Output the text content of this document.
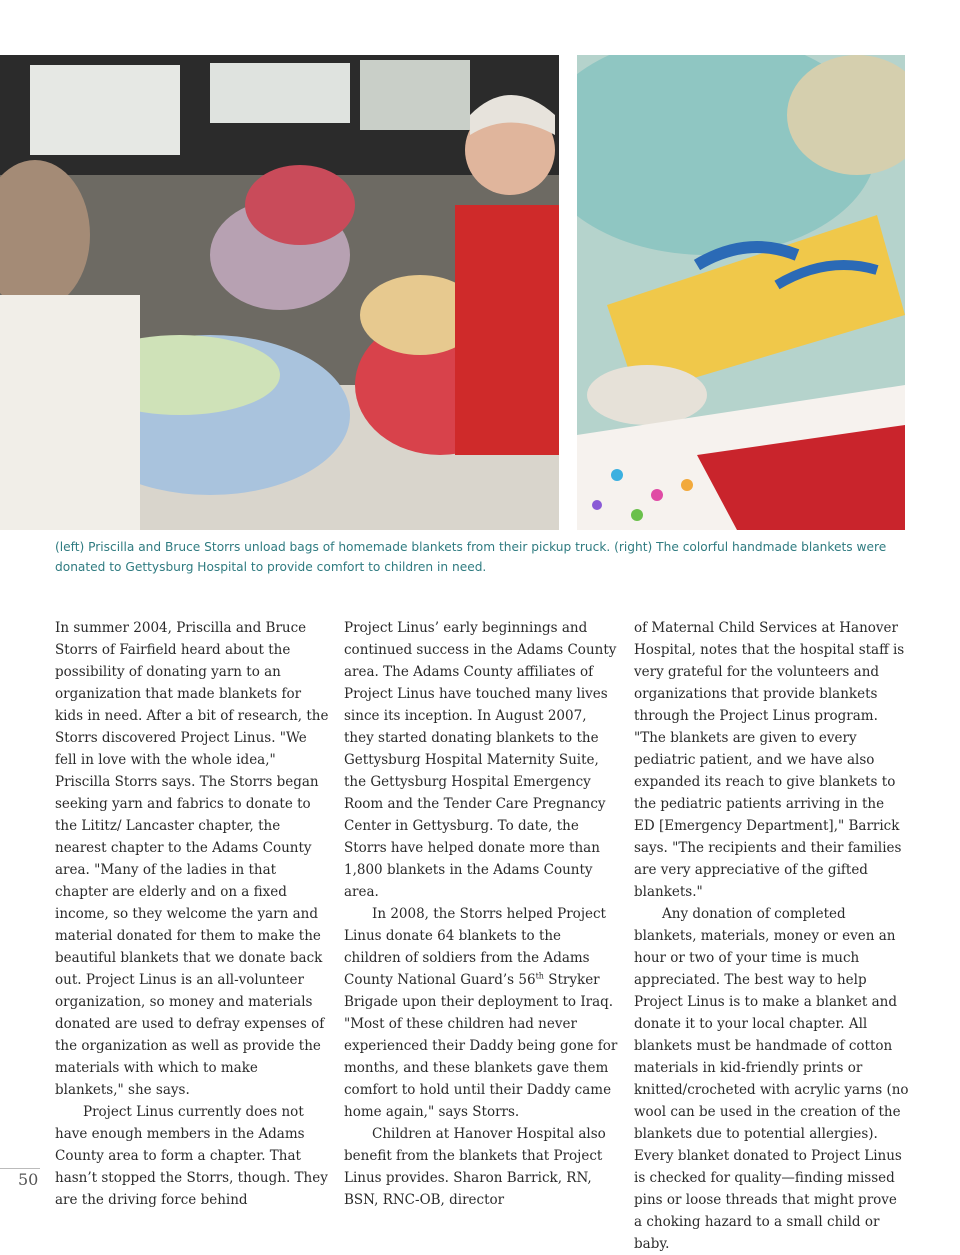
(left) Priscilla and Bruce Storrs unload bags of homemade blankets from their pickup truck. (right) The colorful handmade blankets were donated to Gettysburg Hospital to provide comfort to children in need.

In summer 2004, Priscilla and Bruce Storrs of Fairfield heard about the possibility of donating yarn to an organization that made blankets for kids in need. After a bit of research, the Storrs discovered Project Linus. "We fell in love with the whole idea," Priscilla Storrs says. The Storrs began seeking yarn and fabrics to donate to the Lititz/ Lancaster chapter, the nearest chapter to the Adams County area. "Many of the ladies in that chapter are elderly and on a fixed income, so they welcome the yarn and material donated for them to make the beautiful blankets that we donate back out. Project Linus is an all-volunteer organization, so money and materials donated are used to defray expenses of the organization as well as provide the materials with which to make blankets," she says.

Project Linus currently does not have enough members in the Adams County area to form a chapter. That hasn’t stopped the Storrs, though. They are the driving force behind

Project Linus’ early beginnings and continued success in the Adams County area. The Adams County affiliates of Project Linus have touched many lives since its inception. In August 2007, they started donating blankets to the Gettysburg Hospital Maternity Suite, the Gettysburg Hospital Emergency Room and the Tender Care Pregnancy Center in Gettysburg. To date, the Storrs have helped donate more than 1,800 blankets in the Adams County area.

In 2008, the Storrs helped Project Linus donate 64 blankets to the children of soldiers from the Adams County National Guard’s 56th Stryker Brigade upon their deployment to Iraq. "Most of these children had never experienced their Daddy being gone for months, and these blankets gave them comfort to hold until their Daddy came home again," says Storrs.

Children at Hanover Hospital also benefit from the blankets that Project Linus provides. Sharon Barrick, RN, BSN, RNC-OB, director

of Maternal Child Services at Hanover Hospital, notes that the hospital staff is very grateful for the volunteers and organizations that provide blankets through the Project Linus program. "The blankets are given to every pediatric patient, and we have also expanded its reach to give blankets to the pediatric patients arriving in the ED [Emergency Department]," Barrick says. "The recipients and their families are very appreciative of the gifted blankets."

Any donation of completed blankets, materials, money or even an hour or two of your time is much appreciated. The best way to help Project Linus is to make a blanket and donate it to your local chapter. All blankets must be handmade of cotton materials in kid-friendly prints or knitted/crocheted with acrylic yarns (no wool can be used in the creation of the blankets due to potential allergies). Every blanket donated to Project Linus is checked for quality—finding missed pins or loose threads that might prove a choking hazard to a small child or baby.

50
